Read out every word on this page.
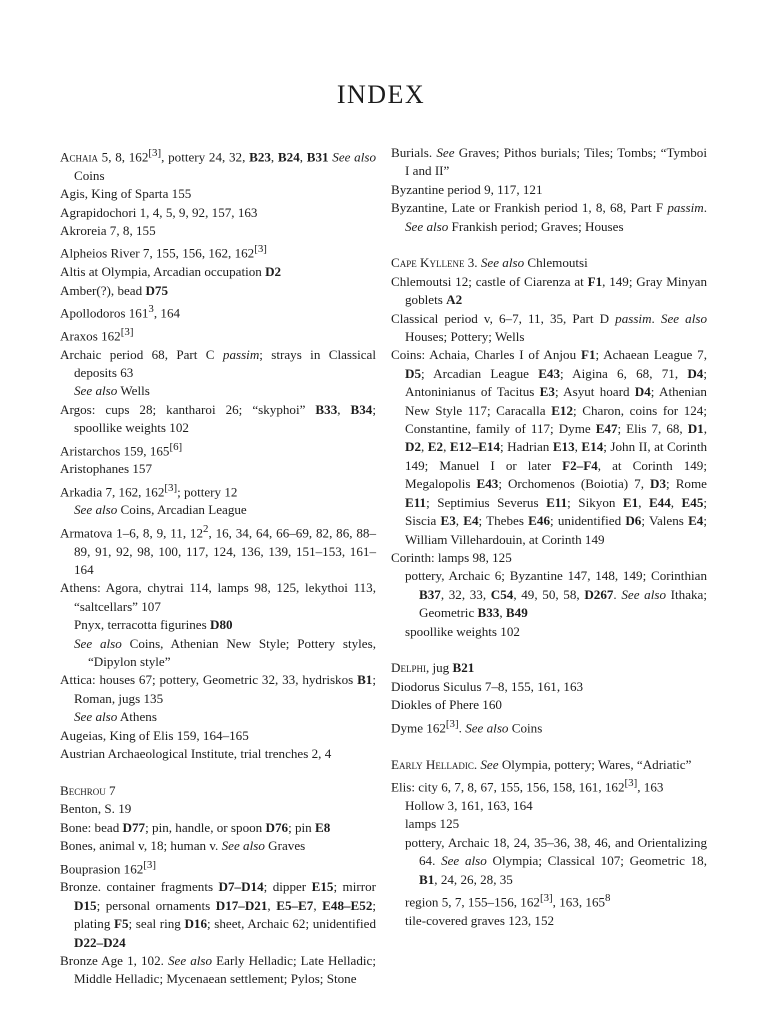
INDEX
Achaia 5, 8, 162[3], pottery 24, 32, B23, B24, B31 See also Coins
Agis, King of Sparta 155
Agrapidochori 1, 4, 5, 9, 92, 157, 163
Akroreia 7, 8, 155
Alpheios River 7, 155, 156, 162, 162[3]
Altis at Olympia, Arcadian occupation D2
Amber(?), bead D75
Apollodoros $161^3$, 164
Araxos 162[3]
Archaic period 68, Part C passim; strays in Classical deposits 63
See also Wells
Argos: cups 28; kantharoi 26; “skyphoi” B33, B34; spoollike weights 102
Aristarchos 159, 165[6]
Aristophanes 157
Arkadia 7, 162, 162[3]; pottery 12
See also Coins, Arcadian League
Armatova 1–6, 8, 9, 11, $12^2$, 16, 34, 64, 66–69, 82, 86, 88–89, 91, 92, 98, 100, 117, 124, 136, 139, 151–153, 161–164
Athens: Agora, chytrai 114, lamps 98, 125, lekythoi 113, “saltcellars” 107
Pnyx, terracotta figurines D80
See also Coins, Athenian New Style; Pottery styles, “Dipylon style”
Attica: houses 67; pottery, Geometric 32, 33, hydriskos B1; Roman, jugs 135
See also Athens
Augeias, King of Elis 159, 164–165
Austrian Archaeological Institute, trial trenches 2, 4
Bechrou 7
Benton, S. 19
Bone: bead D77; pin, handle, or spoon D76; pin E8
Bones, animal v, 18; human v. See also Graves
Bouprasion 162[3]
Bronze. container fragments D7–D14; dipper E15; mirror D15; personal ornaments D17–D21, E5–E7, E48–E52; plating F5; seal ring D16; sheet, Archaic 62; unidentified D22–D24
Bronze Age 1, 102. See also Early Helladic; Late Helladic; Middle Helladic; Mycenaean settlement; Pylos; Stone
Burials. See Graves; Pithos burials; Tiles; Tombs; “Tymboi I and II”
Byzantine period 9, 117, 121
Byzantine, Late or Frankish period 1, 8, 68, Part F passim. See also Frankish period; Graves; Houses
Cape Kyllene 3. See also Chlemoutsi
Chlemoutsi 12; castle of Ciarenza at F1, 149; Gray Minyan goblets A2
Classical period v, 6–7, 11, 35, Part D passim. See also Houses; Pottery; Wells
Coins: Achaia, Charles I of Anjou F1; Achaean League 7, D5; Arcadian League E43; Aigina 6, 68, 71, D4; Antoninianus of Tacitus E3; Asyut hoard D4; Athenian New Style 117; Caracalla E12; Charon, coins for 124; Constantine, family of 117; Dyme E47; Elis 7, 68, D1, D2, E2, E12–E14; Hadrian E13, E14; John II, at Corinth 149; Manuel I or later F2–F4, at Corinth 149; Megalopolis E43; Orchomenos (Boiotia) 7, D3; Rome E11; Septimius Severus E11; Sikyon E1, E44, E45; Siscia E3, E4; Thebes E46; unidentified D6; Valens E4; William Villehardouin, at Corinth 149
Corinth: lamps 98, 125
pottery, Archaic 6; Byzantine 147, 148, 149; Corinthian B37, 32, 33, C54, 49, 50, 58, D267. See also Ithaka; Geometric B33, B49
spoollike weights 102
Delphi, jug B21
Diodorus Siculus 7–8, 155, 161, 163
Diokles of Phere 160
Dyme 162[3]. See also Coins
Early Helladic. See Olympia, pottery; Wares, “Adriatic”
Elis: city 6, 7, 8, 67, 155, 156, 158, 161, 162[3], 163
Hollow 3, 161, 163, 164
lamps 125
pottery, Archaic 18, 24, 35–36, 38, 46, and Orientalizing 64. See also Olympia; Classical 107; Geometric 18, B1, 24, 26, 28, 35
region 5, 7, 155–156, 162[3], 163, $165^8$
tile-covered graves 123, 152
